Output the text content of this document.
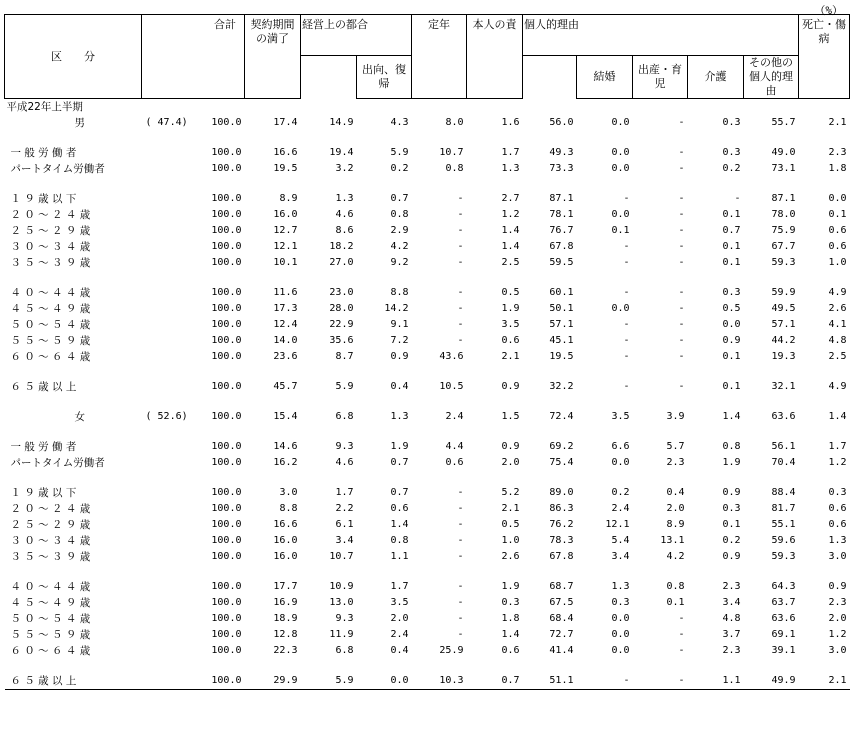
（%）
区　　分	合計		契約期間の満了	経営上の都合		定年	本人の責	個人的理由					死亡・傷病
					出向、復帰				結婚	出産・育児	介護	その他の個人的理由	
平成22年上半期													
男	( 47.4)	100.0	17.4	14.9	4.3	8.0	1.6	56.0	0.0	-	0.3	55.7	2.1

一 般 労 働 者		100.0	16.6	19.4	5.9	10.7	1.7	49.3	0.0	-	0.3	49.0	2.3
パートタイム労働者		100.0	19.5	3.2	0.2	0.8	1.3	73.3	0.0	-	0.2	73.1	1.8

１ ９ 歳 以 下		100.0	8.9	1.3	0.7	-	2.7	87.1	-	-	-	87.1	0.0
２ ０ ～ ２ ４ 歳		100.0	16.0	4.6	0.8	-	1.2	78.1	0.0	-	0.1	78.0	0.1
２ ５ ～ ２ ９ 歳		100.0	12.7	8.6	2.9	-	1.4	76.7	0.1	-	0.7	75.9	0.6
３ ０ ～ ３ ４ 歳		100.0	12.1	18.2	4.2	-	1.4	67.8	-	-	0.1	67.7	0.6
３ ５ ～ ３ ９ 歳		100.0	10.1	27.0	9.2	-	2.5	59.5	-	-	0.1	59.3	1.0

４ ０ ～ ４ ４ 歳		100.0	11.6	23.0	8.8	-	0.5	60.1	-	-	0.3	59.9	4.9
４ ５ ～ ４ ９ 歳		100.0	17.3	28.0	14.2	-	1.9	50.1	0.0	-	0.5	49.5	2.6
５ ０ ～ ５ ４ 歳		100.0	12.4	22.9	9.1	-	3.5	57.1	-	-	0.0	57.1	4.1
５ ５ ～ ５ ９ 歳		100.0	14.0	35.6	7.2	-	0.6	45.1	-	-	0.9	44.2	4.8
６ ０ ～ ６ ４ 歳		100.0	23.6	8.7	0.9	43.6	2.1	19.5	-	-	0.1	19.3	2.5

６ ５ 歳 以 上		100.0	45.7	5.9	0.4	10.5	0.9	32.2	-	-	0.1	32.1	4.9

女	( 52.6)	100.0	15.4	6.8	1.3	2.4	1.5	72.4	3.5	3.9	1.4	63.6	1.4

一 般 労 働 者		100.0	14.6	9.3	1.9	4.4	0.9	69.2	6.6	5.7	0.8	56.1	1.7
パートタイム労働者		100.0	16.2	4.6	0.7	0.6	2.0	75.4	0.0	2.3	1.9	70.4	1.2

１ ９ 歳 以 下		100.0	3.0	1.7	0.7	-	5.2	89.0	0.2	0.4	0.9	88.4	0.3
２ ０ ～ ２ ４ 歳		100.0	8.8	2.2	0.6	-	2.1	86.3	2.4	2.0	0.3	81.7	0.6
２ ５ ～ ２ ９ 歳		100.0	16.6	6.1	1.4	-	0.5	76.2	12.1	8.9	0.1	55.1	0.6
３ ０ ～ ３ ４ 歳		100.0	16.0	3.4	0.8	-	1.0	78.3	5.4	13.1	0.2	59.6	1.3
３ ５ ～ ３ ９ 歳		100.0	16.0	10.7	1.1	-	2.6	67.8	3.4	4.2	0.9	59.3	3.0

４ ０ ～ ４ ４ 歳		100.0	17.7	10.9	1.7	-	1.9	68.7	1.3	0.8	2.3	64.3	0.9
４ ５ ～ ４ ９ 歳		100.0	16.9	13.0	3.5	-	0.3	67.5	0.3	0.1	3.4	63.7	2.3
５ ０ ～ ５ ４ 歳		100.0	18.9	9.3	2.0	-	1.8	68.4	0.0	-	4.8	63.6	2.0
５ ５ ～ ５ ９ 歳		100.0	12.8	11.9	2.4	-	1.4	72.7	0.0	-	3.7	69.1	1.2
６ ０ ～ ６ ４ 歳		100.0	22.3	6.8	0.4	25.9	0.6	41.4	0.0	-	2.3	39.1	3.0

６ ５ 歳 以 上		100.0	29.9	5.9	0.0	10.3	0.7	51.1	-	-	1.1	49.9	2.1
